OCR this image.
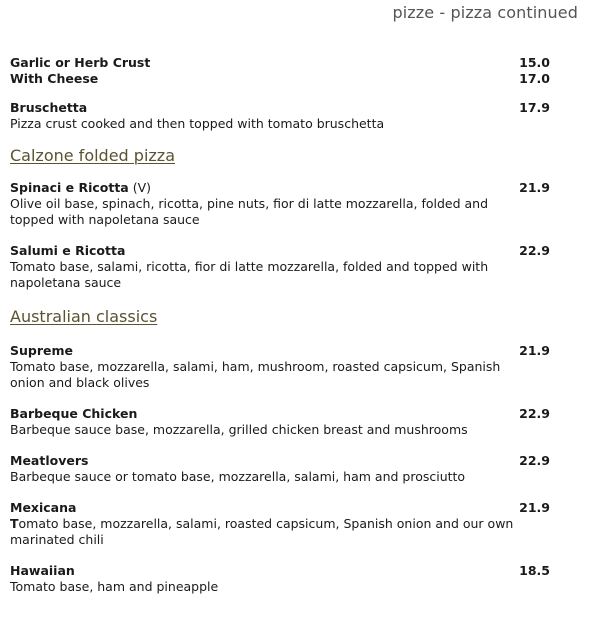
pizze - pizza continued
Garlic or Herb Crust	15.0
With Cheese	17.0
Bruschetta	17.9
Pizza crust cooked and then topped with tomato bruschetta
Calzone folded pizza
Spinaci e Ricotta (V)	21.9
Olive oil base, spinach, ricotta, pine nuts, fior di latte mozzarella, folded and topped with napoletana sauce
Salumi e Ricotta	22.9
Tomato base, salami, ricotta, fior di latte mozzarella, folded and topped with napoletana sauce
Australian classics
Supreme	21.9
Tomato base, mozzarella, salami, ham, mushroom, roasted capsicum, Spanish onion and black olives
Barbeque Chicken	22.9
Barbeque sauce base, mozzarella, grilled chicken breast and mushrooms
Meatlovers	22.9
Barbeque sauce or tomato base, mozzarella, salami, ham and prosciutto
Mexicana	21.9
Tomato base, mozzarella, salami, roasted capsicum, Spanish onion and our own marinated chili
Hawaiian	18.5
Tomato base, ham and pineapple
